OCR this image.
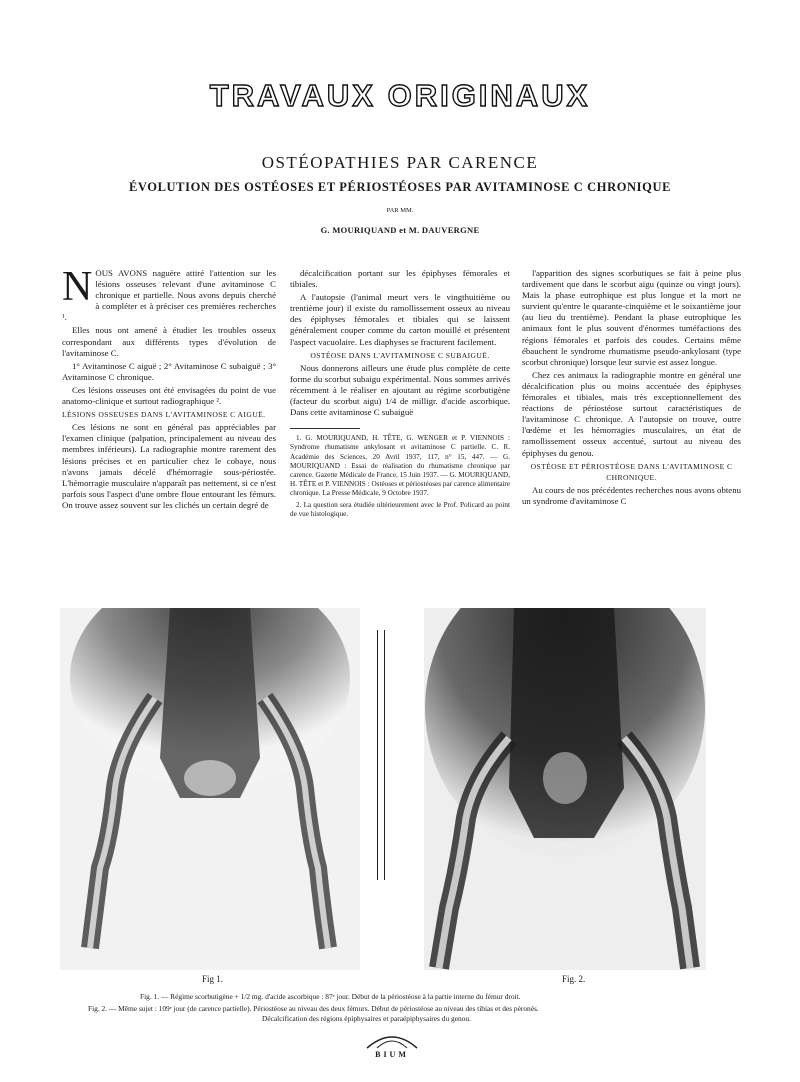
TRAVAUX ORIGINAUX
OSTÉOPATHIES PAR CARENCE
ÉVOLUTION DES OSTÉOSES ET PÉRIOSTÉOSES PAR AVITAMINOSE C CHRONIQUE
PAR MM.
G. MOURIQUAND et M. DAUVERGNE

NOUS AVONS naguère attiré l'attention sur les lésions osseuses relevant d'une avitaminose C chronique et partielle. Nous avons depuis cherché à compléter et à préciser ces premières recherches ¹.

Elles nous ont amené à étudier les troubles osseux correspondant aux différents types d'évolution de l'avitaminose C.

1° Avitaminose C aiguë ; 2° Avitaminose C subaiguë ; 3° Avitaminose C chronique.

Ces lésions osseuses ont été envisagées du point de vue anatomo-clinique et surtout radiographique ².

LÉSIONS OSSEUSES DANS L'AVITAMINOSE C AIGUË.

Ces lésions ne sont en général pas appréciables par l'examen clinique (palpation, principalement au niveau des membres inférieurs). La radiographie montre rarement des lésions précises et en particulier chez le cobaye, nous n'avons jamais décelé d'hémorragie sous-périostée. L'hémorragie musculaire n'apparaît pas nettement, si ce n'est parfois sous l'aspect d'une ombre floue entourant les fémurs. On trouve assez souvent sur les clichés un certain degré de

décalcification portant sur les épiphyses fémorales et tibiales.

A l'autopsie (l'animal meurt vers le vingthuitième ou trentième jour) il existe du ramollissement osseux au niveau des épiphyses fémorales et tibiales qui se laissent généralement couper comme du carton mouillé et présentent l'aspect vacuolaire. Les diaphyses se fracturent facilement.

OSTÉOSE DANS L'AVITAMINOSE C SUBAIGUË.

Nous donnerons ailleurs une étude plus complète de cette forme du scorbut subaigu expérimental. Nous sommes arrivés récemment à le réaliser en ajoutant au régime scorbutigène (facteur du scorbut aigu) 1/4 de milligr. d'acide ascorbique. Dans cette avitaminose C subaiguë

1. G. MOURIQUAND, H. TÊTE, G. WENGER et P. VIENNOIS : Syndrome rhumatisme ankylosant et avitaminose C partielle. C. R. Académie des Sciences, 20 Avril 1937, 117, n° 15, 447. — G. MOURIQUAND : Essai de réalisation du rhumatisme chronique par carence. Gazette Médicale de France, 15 Juin 1937. — G. MOURIQUAND, H. TÊTE et P. VIENNOIS : Ostéoses et périostéoses par carence alimentaire chronique. La Presse Médicale, 9 Octobre 1937.

2. La question sera étudiée ultérieurement avec le Prof. Policard au point de vue histologique.

l'apparition des signes scorbutiques se fait à peine plus tardivement que dans le scorbut aigu (quinze ou vingt jours). Mais la phase eutrophique est plus longue et la mort ne survient qu'entre le quarante-cinquième et le soixantième jour (au lieu du trentième). Pendant la phase eutrophique les animaux font le plus souvent d'énormes tuméfactions des régions fémorales et parfois des coudes. Certains même ébauchent le syndrome rhumatisme pseudo-ankylosant (type scorbut chronique) lorsque leur survie est assez longue.

Chez ces animaux la radiographie montre en général une décalcification plus ou moins accentuée des épiphyses fémorales et tibiales, mais très exceptionnellement des réactions de périostéose surtout caractéristiques de l'avitaminose C chronique. A l'autopsie on trouve, outre l'œdème et les hémorragies musculaires, un état de ramollissement osseux accentué, surtout au niveau des épiphyses du genou.

OSTÉOSE ET PÉRIOSTÉOSE DANS L'AVITAMINOSE C CHRONIQUE.

Au cours de nos précédentes recherches nous avons obtenu un syndrome d'avitaminose C

Fig 1.	Fig. 2.
Fig. 1. — Régime scorbutigène + 1/2 mg. d'acide ascorbique : 87ᵉ jour. Début de la périostéose à la partie interne du fémur droit.
Fig. 2. — Même sujet : 109ᵉ jour (de carence partielle). Périostéose au niveau des deux fémurs. Début de périostéose au niveau des tibias et des péronés.
Décalcification des régions épiphysaires et paraépiphysaires du genou.
BIUM
